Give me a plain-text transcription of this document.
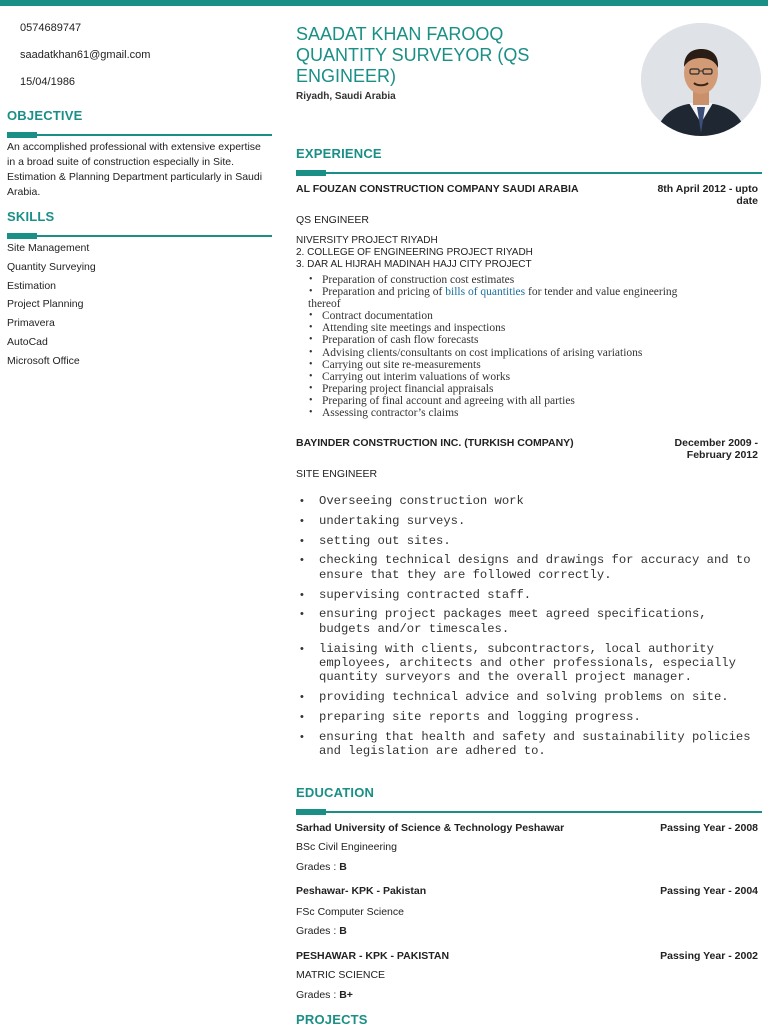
0574689747
saadatkhan61@gmail.com
15/04/1986
OBJECTIVE
An accomplished professional with extensive expertise in a broad suite of construction especially in Site. Estimation & Planning Department particularly in Saudi Arabia.
SKILLS
Site Management
Quantity Surveying
Estimation
Project Planning
Primavera
AutoCad
Microsoft Office
SAADAT KHAN FAROOQ
QUANTITY SURVEYOR (QS
ENGINEER)
Riyadh, Saudi Arabia
EXPERIENCE
AL FOUZAN CONSTRUCTION COMPANY SAUDI ARABIA	8th April 2012 - upto
date
QS ENGINEER
NIVERSITY PROJECT RIYADH
2. COLLEGE OF ENGINEERING PROJECT RIYADH
3. DAR AL HIJRAH MADINAH HAJJ CITY PROJECT
• Preparation of construction cost estimates
• Preparation and pricing of bills of quantities for tender and value engineering
thereof
• Contract documentation
• Attending site meetings and inspections
• Preparation of cash flow forecasts
• Advising clients/consultants on cost implications of arising variations
• Carrying out site re-measurements
• Carrying out interim valuations of works
• Preparing project financial appraisals
• Preparing of final account and agreeing with all parties
• Assessing contractor’s claims
BAYINDER CONSTRUCTION INC. (TURKISH COMPANY)	December 2009 -
February 2012
SITE ENGINEER
• Overseeing construction work
• undertaking surveys.
• setting out sites.
• checking technical designs and drawings for accuracy and to ensure that they are followed correctly.
• supervising contracted staff.
• ensuring project packages meet agreed specifications, budgets and/or timescales.
• liaising with clients, subcontractors, local authority employees, architects and other professionals, especially quantity surveyors and the overall project manager.
• providing technical advice and solving problems on site.
• preparing site reports and logging progress.
• ensuring that health and safety and sustainability policies and legislation are adhered to.
EDUCATION
Sarhad University of Science & Technology Peshawar	Passing Year - 2008
BSc Civil Engineering
Grades : B
Peshawar- KPK - Pakistan	Passing Year - 2004
FSc Computer Science
Grades : B
PESHAWAR - KPK - PAKISTAN	Passing Year - 2002
MATRIC SCIENCE
Grades : B+
PROJECTS
